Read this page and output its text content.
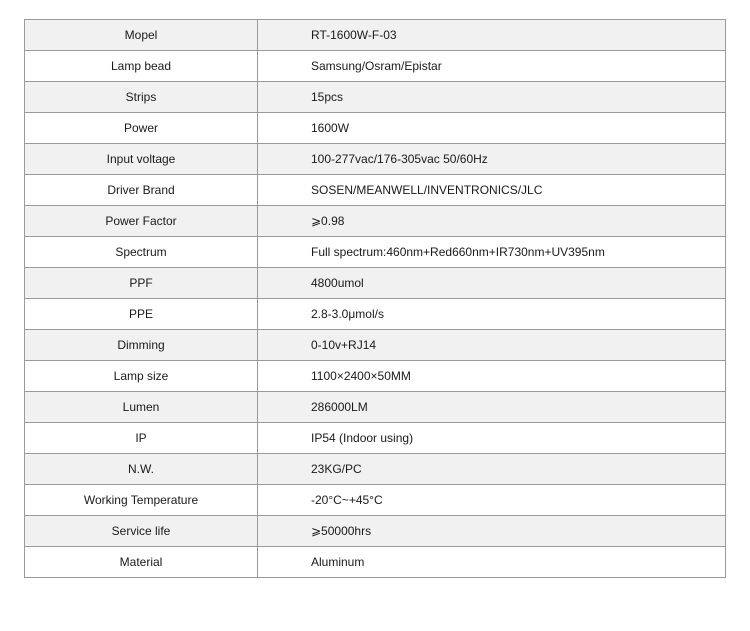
Mopel	RT-1600W-F-03
Lamp bead	Samsung/Osram/Epistar
Strips	15pcs
Power	1600W
Input voltage	100-277vac/176-305vac 50/60Hz
Driver Brand	SOSEN/MEANWELL/INVENTRONICS/JLC
Power Factor	⩾0.98
Spectrum	Full spectrum:460nm+Red660nm+IR730nm+UV395nm
PPF	4800umol
PPE	2.8-3.0μmol/s
Dimming	0-10v+RJ14
Lamp size	1100×2400×50MM
Lumen	286000LM
IP	IP54 (Indoor using)
N.W.	23KG/PC
Working Temperature	-20°C~+45°C
Service life	⩾50000hrs
Material	Aluminum
